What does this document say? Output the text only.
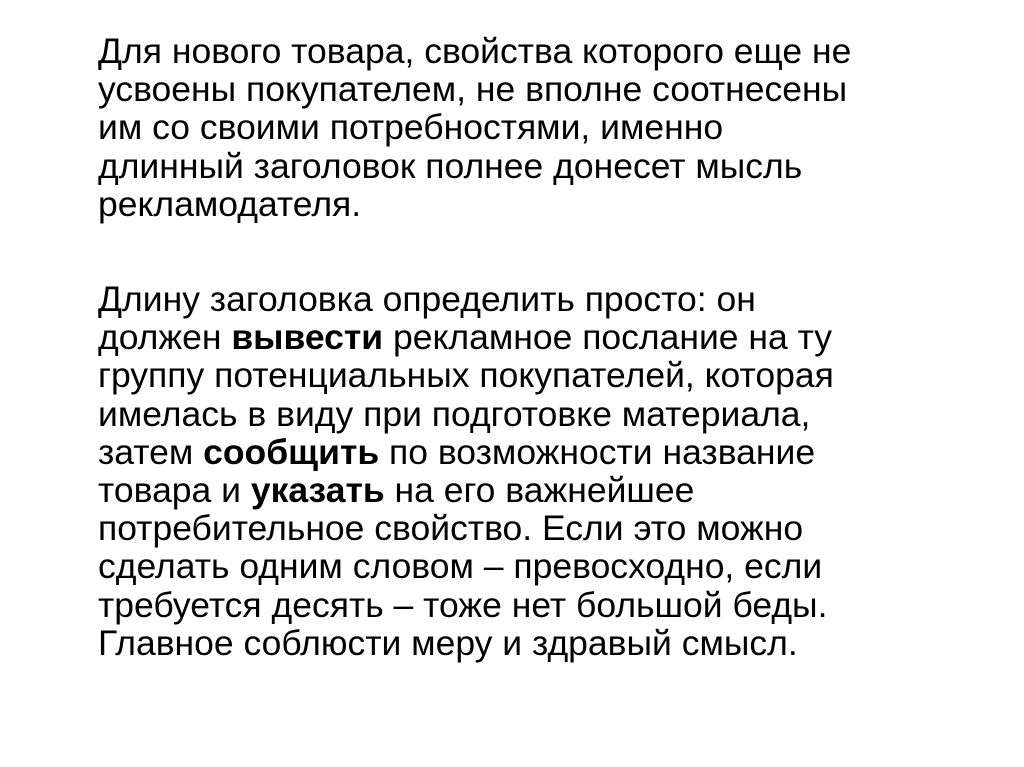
Для нового товара, свойства которого еще не
усвоены покупателем, не вполне соотнесены
им со своими потребностями, именно
длинный заголовок полнее донесет мысль
рекламодателя.

Длину заголовка определить просто: он
должен вывести рекламное послание на ту
группу потенциальных покупателей, которая
имелась в виду при подготовке материала,
затем сообщить по возможности название
товара и указать на его важнейшее
потребительное свойство. Если это можно
сделать одним словом – превосходно, если
требуется десять – тоже нет большой беды.
Главное соблюсти меру и здравый смысл.
